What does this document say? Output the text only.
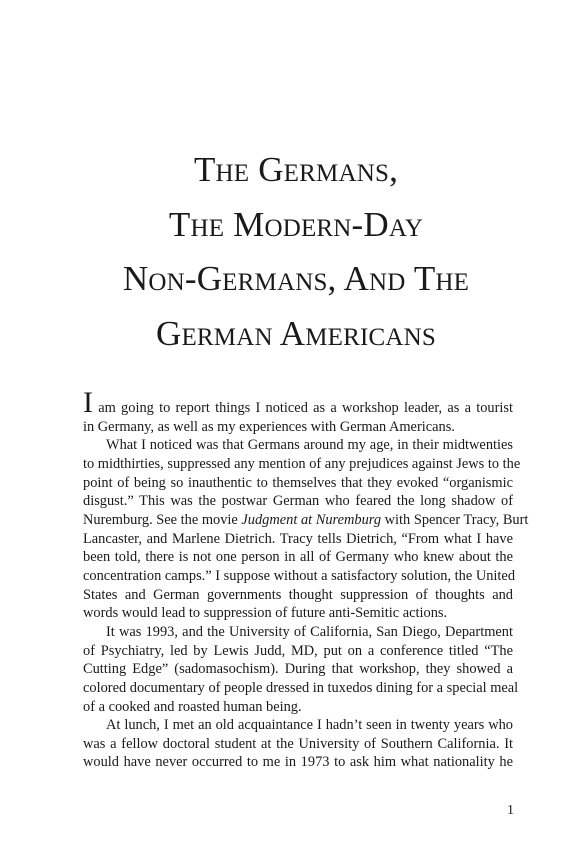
The Germans,
The Modern-Day
Non-Germans, And The
German Americans

I am going to report things I noticed as a workshop leader, as a tourist
in Germany, as well as my experiences with German Americans.

What I noticed was that Germans around my age, in their midtwenties
to midthirties, suppressed any mention of any prejudices against Jews to the
point of being so inauthentic to themselves that they evoked “organismic
disgust.” This was the postwar German who feared the long shadow of
Nuremburg. See the movie Judgment at Nuremburg with Spencer Tracy, Burt
Lancaster, and Marlene Dietrich. Tracy tells Dietrich, “From what I have
been told, there is not one person in all of Germany who knew about the
concentration camps.” I suppose without a satisfactory solution, the United
States and German governments thought suppression of thoughts and
words would lead to suppression of future anti-Semitic actions.

It was 1993, and the University of California, San Diego, Department
of Psychiatry, led by Lewis Judd, MD, put on a conference titled “The
Cutting Edge” (sadomasochism). During that workshop, they showed a
colored documentary of people dressed in tuxedos dining for a special meal
of a cooked and roasted human being.

At lunch, I met an old acquaintance I hadn’t seen in twenty years who
was a fellow doctoral student at the University of Southern California. It
would have never occurred to me in 1973 to ask him what nationality he

1
